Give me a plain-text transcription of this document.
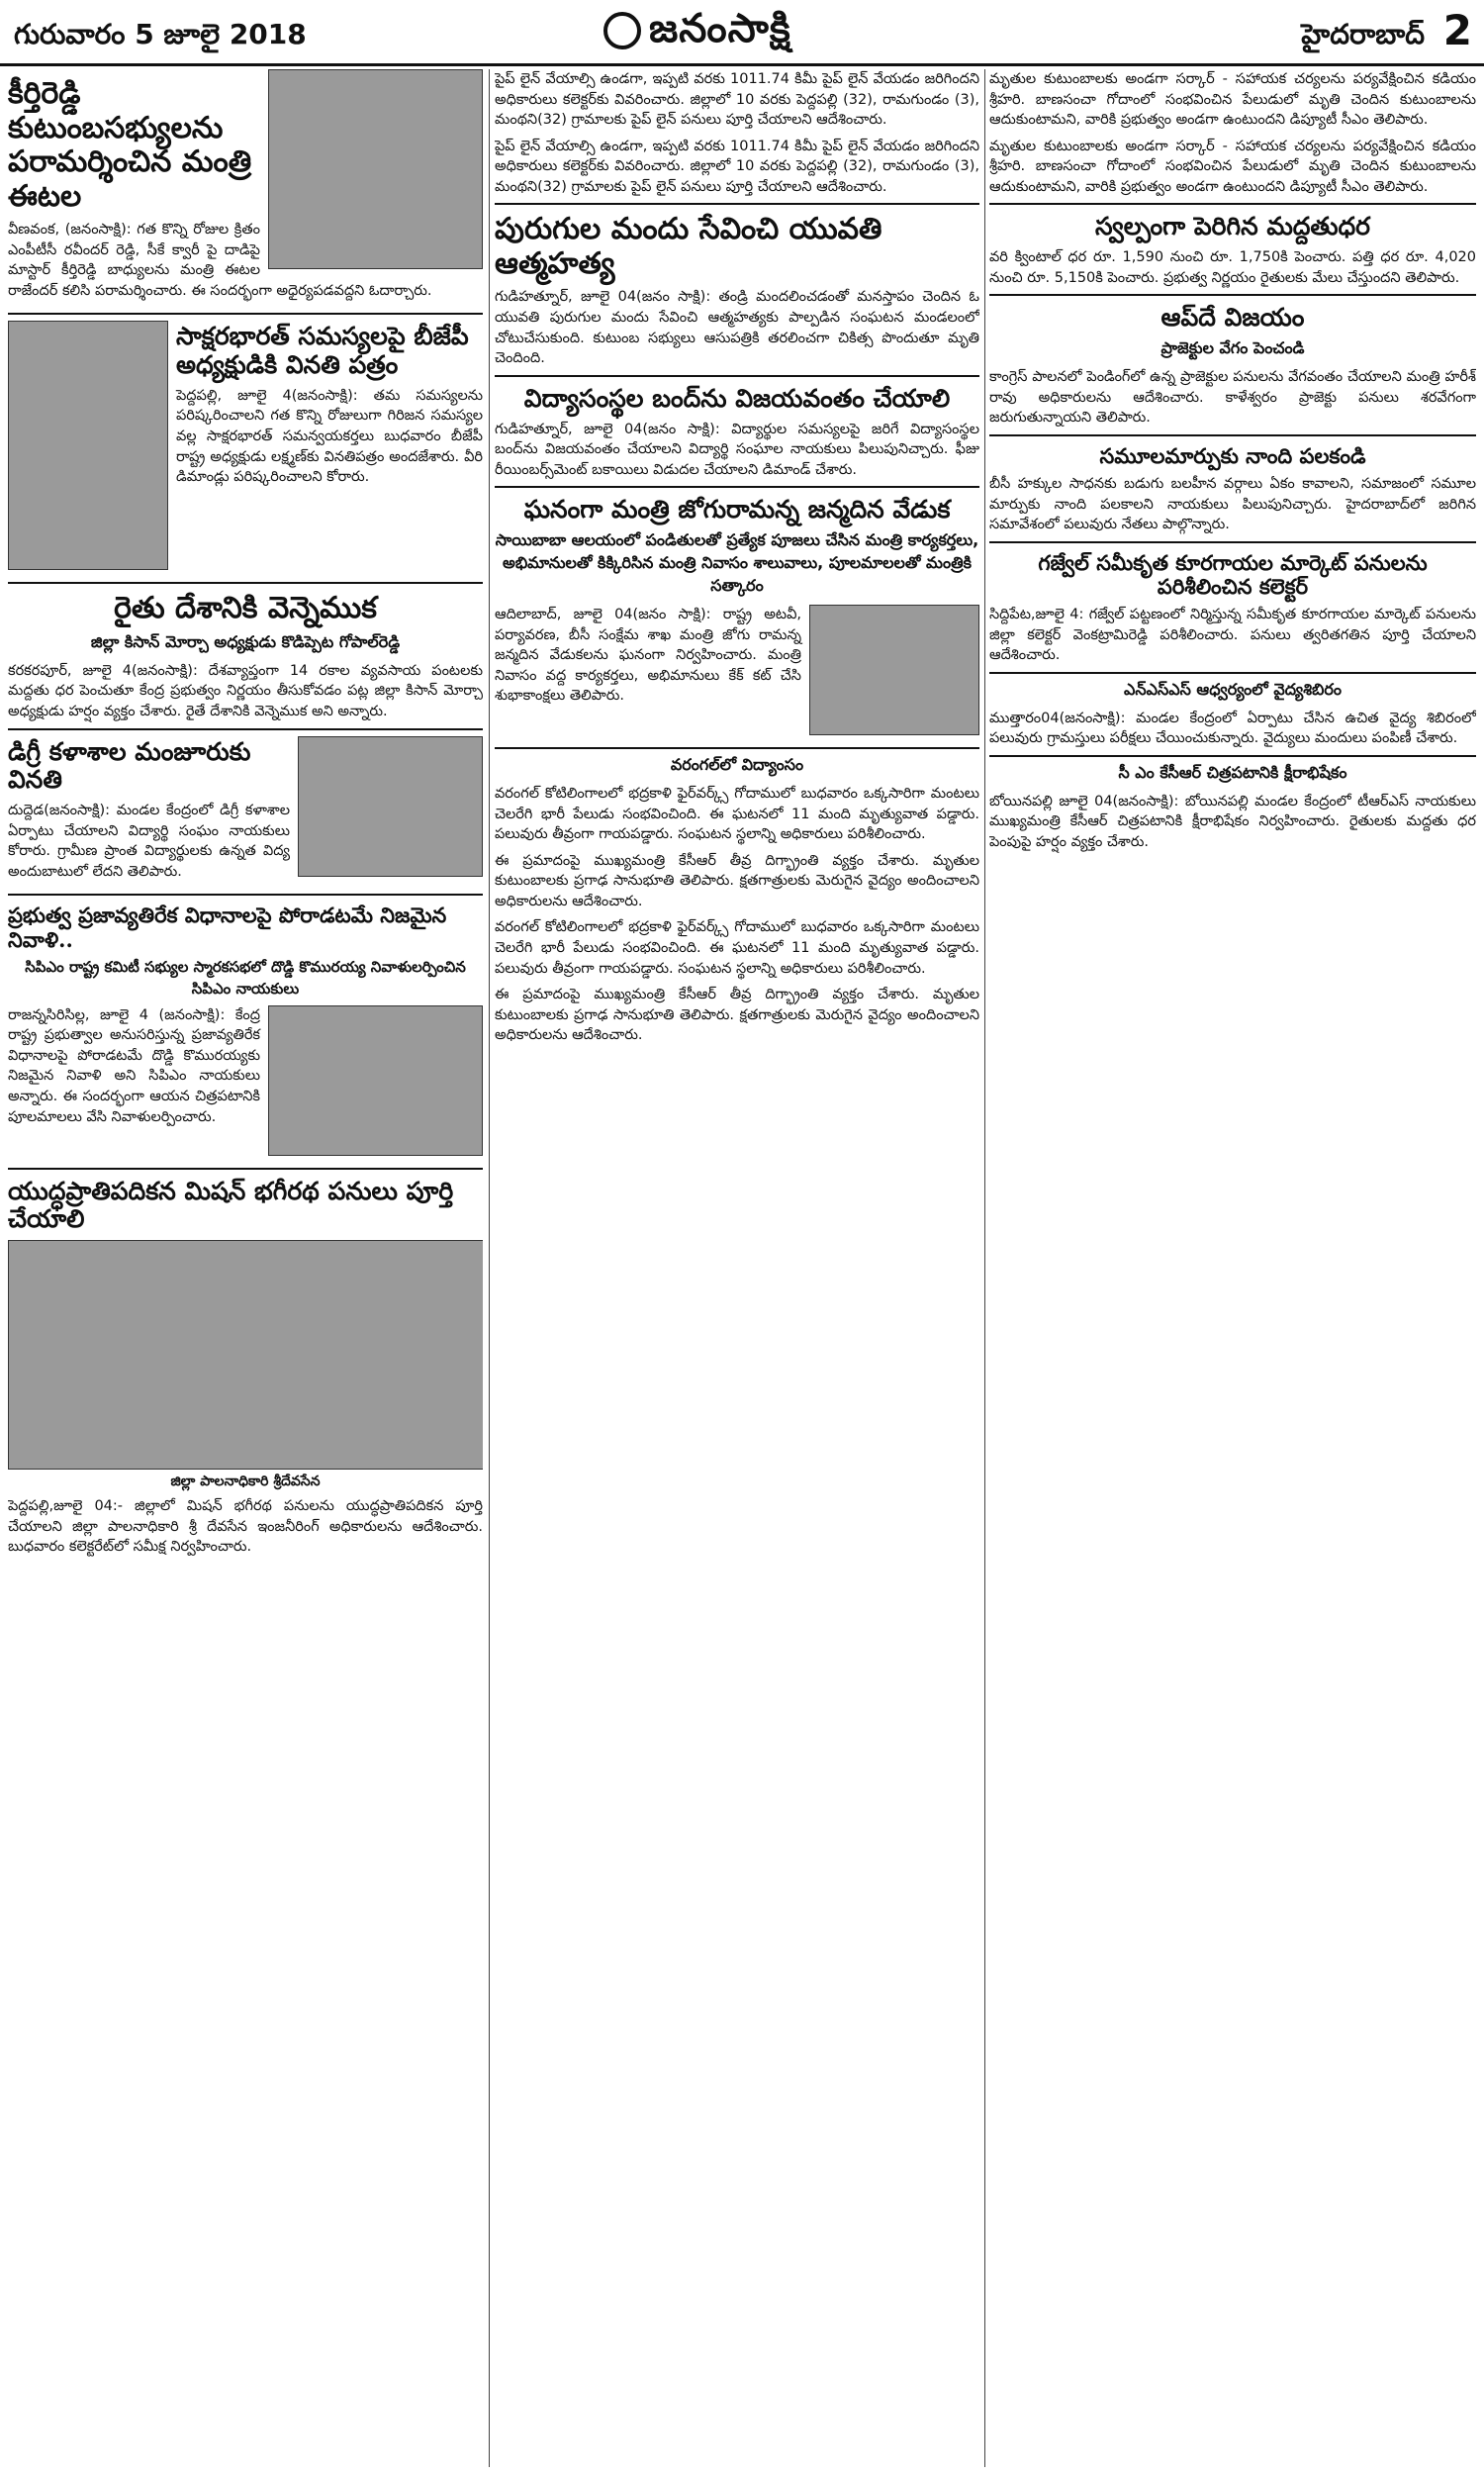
గురువారం 5 జూలై 2018	జనంసాక్షి	హైదరాబాద్ 2
కీర్తిరెడ్డి కుటుంబసభ్యులను పరామర్శించిన మంత్రి ఈటల

వీణవంక, (జనంసాక్షి): గత కొన్ని రోజుల క్రితం ఎంపీటీసీ రవీందర్ రెడ్డి, సీకే క్వారీ పై దాడిపై మాస్టార్ కీర్తిరెడ్డి బాధ్యులను మంత్రి ఈటల రాజేందర్ కలిసి పరామర్శించారు. ఈ సందర్భంగా అధైర్యపడవద్దని ఓదార్చారు.

సాక్షరభారత్ సమస్యలపై బీజేపీ అధ్యక్షుడికి వినతి పత్రం

పెద్దపల్లి, జూలై 4(జనంసాక్షి): తమ సమస్యలను పరిష్కరించాలని గత కొన్ని రోజులుగా గిరిజన సమస్యల వల్ల సాక్షరభారత్ సమన్వయకర్తలు బుధవారం బీజేపీ రాష్ట్ర అధ్యక్షుడు లక్ష్మణ్‌కు వినతిపత్రం అందజేశారు. వీరి డిమాండ్లు పరిష్కరించాలని కోరారు.

రైతు దేశానికి వెన్నెముక
జిల్లా కిసాన్ మోర్చా అధ్యక్షుడు కొడిప్పెట గోపాల్‌రెడ్డి

కరకరపూర్, జూలై 4(జనంసాక్షి): దేశవ్యాప్తంగా 14 రకాల వ్యవసాయ పంటలకు మద్దతు ధర పెంచుతూ కేంద్ర ప్రభుత్వం నిర్ణయం తీసుకోవడం పట్ల జిల్లా కిసాన్ మోర్చా అధ్యక్షుడు హర్షం వ్యక్తం చేశారు. రైతే దేశానికి వెన్నెముక అని అన్నారు.

డిగ్రీ కళాశాల మంజూరుకు వినతి

దుద్దెడ(జనంసాక్షి): మండల కేంద్రంలో డిగ్రీ కళాశాల ఏర్పాటు చేయాలని విద్యార్థి సంఘం నాయకులు కోరారు. గ్రామీణ ప్రాంత విద్యార్థులకు ఉన్నత విద్య అందుబాటులో లేదని తెలిపారు.

ప్రభుత్వ ప్రజావ్యతిరేక విధానాలపై పోరాడటమే నిజమైన నివాళి..
సిపిఎం రాష్ట్ర కమిటీ సభ్యుల స్మారకసభలో దొడ్డి కొమురయ్య నివాళులర్పించిన సిపిఎం నాయకులు

రాజన్నసిరిసిల్ల, జూలై 4 (జనంసాక్షి): కేంద్ర రాష్ట్ర ప్రభుత్వాల అనుసరిస్తున్న ప్రజావ్యతిరేక విధానాలపై పోరాడటమే దొడ్డి కొమురయ్యకు నిజమైన నివాళి అని సిపిఎం నాయకులు అన్నారు. ఈ సందర్భంగా ఆయన చిత్రపటానికి పూలమాలలు వేసి నివాళులర్పించారు.

యుద్ధప్రాతిపదికన మిషన్ భగీరథ పనులు పూర్తి చేయాలి
జిల్లా పాలనాధికారి శ్రీదేవసేన

పెద్దపల్లి,జూలై 04:- జిల్లాలో మిషన్ భగీరథ పనులను యుద్ధప్రాతిపదికన పూర్తి చేయాలని జిల్లా పాలనాధికారి శ్రీ దేవసేన ఇంజనీరింగ్ అధికారులను ఆదేశించారు. బుధవారం కలెక్టరేట్‌లో సమీక్ష నిర్వహించారు.

పైప్ లైన్ వేయాల్సి ఉండగా, ఇప్పటి వరకు 1011.74 కిమీ పైప్ లైన్ వేయడం జరిగిందని అధికారులు కలెక్టర్‌కు వివరించారు. జిల్లాలో 10 వరకు పెద్దపల్లి (32), రామగుండం (3), మంథని(32) గ్రామాలకు పైప్ లైన్ పనులు పూర్తి చేయాలని ఆదేశించారు.

పైప్ లైన్ వేయాల్సి ఉండగా, ఇప్పటి వరకు 1011.74 కిమీ పైప్ లైన్ వేయడం జరిగిందని అధికారులు కలెక్టర్‌కు వివరించారు. జిల్లాలో 10 వరకు పెద్దపల్లి (32), రామగుండం (3), మంథని(32) గ్రామాలకు పైప్ లైన్ పనులు పూర్తి చేయాలని ఆదేశించారు.

పురుగుల మందు సేవించి యువతి ఆత్మహత్య

గుడిహత్నూర్, జూలై 04(జనం సాక్షి): తండ్రి మందలించడంతో మనస్తాపం చెందిన ఓ యువతి పురుగుల మందు సేవించి ఆత్మహత్యకు పాల్పడిన సంఘటన మండలంలో చోటుచేసుకుంది. కుటుంబ సభ్యులు ఆసుపత్రికి తరలించగా చికిత్స పొందుతూ మృతి చెందింది.

విద్యాసంస్థల బంద్‌ను విజయవంతం చేయాలి

గుడిహత్నూర్, జూలై 04(జనం సాక్షి): విద్యార్థుల సమస్యలపై జరిగే విద్యాసంస్థల బంద్‌ను విజయవంతం చేయాలని విద్యార్థి సంఘాల నాయకులు పిలుపునిచ్చారు. ఫీజు రీయింబర్స్‌మెంట్ బకాయిలు విడుదల చేయాలని డిమాండ్ చేశారు.

ఘనంగా మంత్రి జోగురామన్న జన్మదిన వేడుక
సాయిబాబా ఆలయంలో పండితులతో ప్రత్యేక పూజలు చేసిన మంత్రి కార్యకర్తలు, అభిమానులతో కిక్కిరిసిన మంత్రి నివాసం శాలువాలు, పూలమాలలతో మంత్రికి సత్కారం

ఆదిలాబాద్, జూలై 04(జనం సాక్షి): రాష్ట్ర అటవీ, పర్యావరణ, బీసీ సంక్షేమ శాఖ మంత్రి జోగు రామన్న జన్మదిన వేడుకలను ఘనంగా నిర్వహించారు. మంత్రి నివాసం వద్ద కార్యకర్తలు, అభిమానులు కేక్ కట్ చేసి శుభాకాంక్షలు తెలిపారు.

వరంగల్‌లో విద్యాంసం

వరంగల్ కోటిలింగాలలో భద్రకాళి ఫైర్‌వర్క్స్ గోదాములో బుధవారం ఒక్కసారిగా మంటలు చెలరేగి భారీ పేలుడు సంభవించింది. ఈ ఘటనలో 11 మంది మృత్యువాత పడ్డారు. పలువురు తీవ్రంగా గాయపడ్డారు. సంఘటన స్థలాన్ని అధికారులు పరిశీలించారు.

ఈ ప్రమాదంపై ముఖ్యమంత్రి కేసీఆర్ తీవ్ర దిగ్భ్రాంతి వ్యక్తం చేశారు. మృతుల కుటుంబాలకు ప్రగాఢ సానుభూతి తెలిపారు. క్షతగాత్రులకు మెరుగైన వైద్యం అందించాలని అధికారులను ఆదేశించారు.

వరంగల్ కోటిలింగాలలో భద్రకాళి ఫైర్‌వర్క్స్ గోదాములో బుధవారం ఒక్కసారిగా మంటలు చెలరేగి భారీ పేలుడు సంభవించింది. ఈ ఘటనలో 11 మంది మృత్యువాత పడ్డారు. పలువురు తీవ్రంగా గాయపడ్డారు. సంఘటన స్థలాన్ని అధికారులు పరిశీలించారు.

ఈ ప్రమాదంపై ముఖ్యమంత్రి కేసీఆర్ తీవ్ర దిగ్భ్రాంతి వ్యక్తం చేశారు. మృతుల కుటుంబాలకు ప్రగాఢ సానుభూతి తెలిపారు. క్షతగాత్రులకు మెరుగైన వైద్యం అందించాలని అధికారులను ఆదేశించారు.

మృతుల కుటుంబాలకు అండగా సర్కార్ - సహాయక చర్యలను పర్యవేక్షించిన కడియం శ్రీహరి. బాణసంచా గోదాంలో సంభవించిన పేలుడులో మృతి చెందిన కుటుంబాలను ఆదుకుంటామని, వారికి ప్రభుత్వం అండగా ఉంటుందని డిప్యూటీ సీఎం తెలిపారు.

మృతుల కుటుంబాలకు అండగా సర్కార్ - సహాయక చర్యలను పర్యవేక్షించిన కడియం శ్రీహరి. బాణసంచా గోదాంలో సంభవించిన పేలుడులో మృతి చెందిన కుటుంబాలను ఆదుకుంటామని, వారికి ప్రభుత్వం అండగా ఉంటుందని డిప్యూటీ సీఎం తెలిపారు.

స్వల్పంగా పెరిగిన మద్దతుధర

వరి క్వింటాల్ ధర రూ. 1,590 నుంచి రూ. 1,750కి పెంచారు. పత్తి ధర రూ. 4,020 నుంచి రూ. 5,150కి పెంచారు. ప్రభుత్వ నిర్ణయం రైతులకు మేలు చేస్తుందని తెలిపారు.

ఆప్‌దే విజయం
ప్రాజెక్టుల వేగం పెంచండి

కాంగ్రెస్ పాలనలో పెండింగ్‌లో ఉన్న ప్రాజెక్టుల పనులను వేగవంతం చేయాలని మంత్రి హరీశ్ రావు అధికారులను ఆదేశించారు. కాళేశ్వరం ప్రాజెక్టు పనులు శరవేగంగా జరుగుతున్నాయని తెలిపారు.

సమూలమార్పుకు నాంది పలకండి

బీసీ హక్కుల సాధనకు బడుగు బలహీన వర్గాలు ఏకం కావాలని, సమాజంలో సమూల మార్పుకు నాంది పలకాలని నాయకులు పిలుపునిచ్చారు. హైదరాబాద్‌లో జరిగిన సమావేశంలో పలువురు నేతలు పాల్గొన్నారు.

గజ్వేల్ సమీకృత కూరగాయల మార్కెట్ పనులను పరిశీలించిన కలెక్టర్

సిద్దిపేట,జూలై 4: గజ్వేల్ పట్టణంలో నిర్మిస్తున్న సమీకృత కూరగాయల మార్కెట్ పనులను జిల్లా కలెక్టర్ వెంకట్రామిరెడ్డి పరిశీలించారు. పనులు త్వరితగతిన పూర్తి చేయాలని ఆదేశించారు.

ఎన్ఎస్ఎస్ ఆధ్వర్యంలో వైద్యశిబిరం

ముత్తారం04(జనంసాక్షి): మండల కేంద్రంలో ఏర్పాటు చేసిన ఉచిత వైద్య శిబిరంలో పలువురు గ్రామస్తులు పరీక్షలు చేయించుకున్నారు. వైద్యులు మందులు పంపిణీ చేశారు.

సీ ఎం కేసీఆర్ చిత్రపటానికి క్షీరాభిషేకం

బోయినపల్లి జూలై 04(జనంసాక్షి): బోయినపల్లి మండల కేంద్రంలో టీఆర్ఎస్ నాయకులు ముఖ్యమంత్రి కేసీఆర్ చిత్రపటానికి క్షీరాభిషేకం నిర్వహించారు. రైతులకు మద్దతు ధర పెంపుపై హర్షం వ్యక్తం చేశారు.
